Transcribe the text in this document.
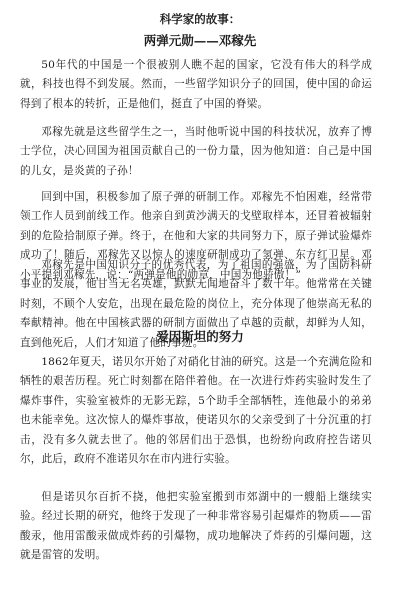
科学家的故事：
两弹元勋——邓稼先

50年代的中国是一个很被别人瞧不起的国家，它没有伟大的科学成就，科技也得不到发展。然而，一些留学知识分子的回国，使中国的命运得到了根本的转折，正是他们，挺直了中国的脊梁。

邓稼先就是这些留学生之一，当时他听说中国的科技状况，放弃了博士学位，决心回国为祖国贡献自己的一份力量，因为他知道：自己是中国的儿女，是炎黄的子孙！

回到中国，积极参加了原子弹的研制工作。邓稼先不怕困难，经常带领工作人员到前线工作。他亲自到黄沙满天的戈壁取样本，还冒着被辐射到的危险拾制原子弹。终于，在他和大家的共同努力下，原子弹试验爆炸成功了！随后，邓稼先又以惊人的速度研制成功了氢弹、东方红卫星。邓小平提到邓稼先，说：“两弹是他的勋章，中国为他骄傲！”

邓稼先是中国知识分子的优秀代表，为了祖国的强盛，为了国防科研事业的发展，他甘当无名英雄，默默无闻地奋斗了数十年。他常常在关键时刻，不顾个人安危，出现在最危险的岗位上，充分体现了他崇高无私的奉献精神。他在中国核武器的研制方面做出了卓越的贡献，却鲜为人知，直到他死后，人们才知道了他的事迹。

爱因斯坦的努力

1862年夏天，诺贝尔开始了对硝化甘油的研究。这是一个充满危险和牺牲的艰苦历程。死亡时刻都在陪伴着他。在一次进行炸药实验时发生了爆炸事件，实验室被炸的无影无踪，5个助手全部牺牲，连他最小的弟弟也未能幸免。这次惊人的爆炸事故，使诺贝尔的父亲受到了十分沉重的打击，没有多久就去世了。他的邻居们出于恐惧，也纷纷向政府控告诺贝尔，此后，政府不准诺贝尔在市内进行实验。

但是诺贝尔百折不挠，他把实验室搬到市郊湖中的一艘船上继续实验。经过长期的研究，他终于发现了一种非常容易引起爆炸的物质——雷酸汞，他用雷酸汞做成炸药的引爆物，成功地解决了炸药的引爆问题，这就是雷管的发明。
